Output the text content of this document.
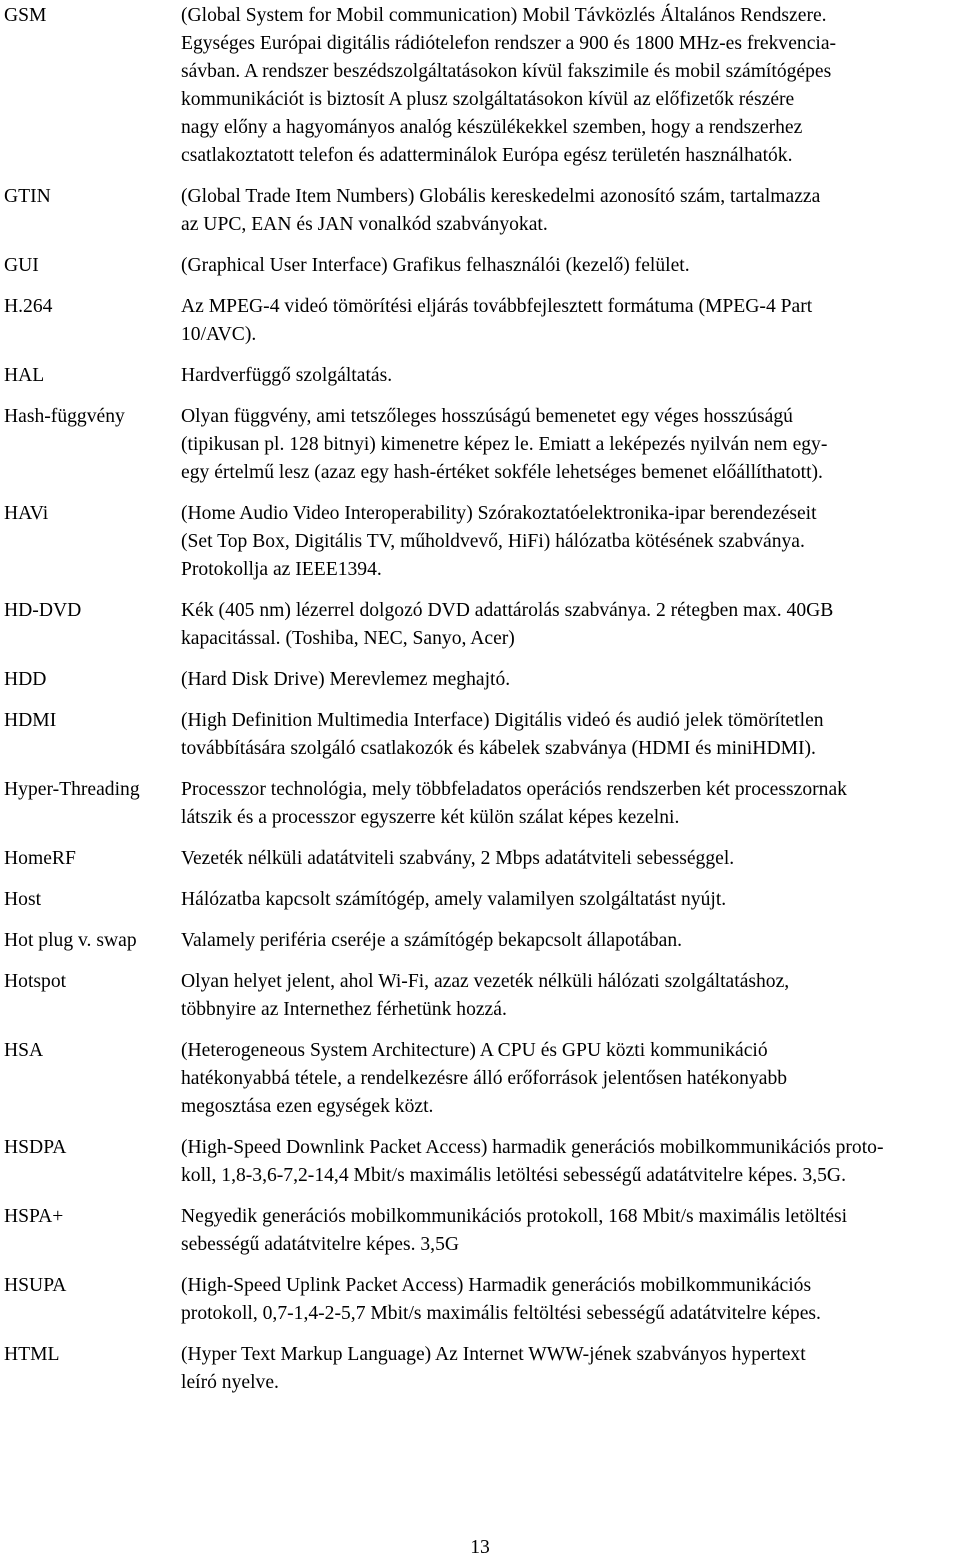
GSM	(Global System for Mobil communication) Mobil Távközlés Általános Rendszere.
Egységes Európai digitális rádiótelefon rendszer a 900 és 1800 MHz-es frekvencia-
sávban. A rendszer beszédszolgáltatásokon kívül fakszimile és mobil számítógépes
kommunikációt is biztosít A plusz szolgáltatásokon kívül az előfizetők részére
nagy előny a hagyományos analóg készülékekkel szemben, hogy a rendszerhez
csatlakoztatott telefon és adatterminálok Európa egész területén használhatók.
GTIN	(Global Trade Item Numbers) Globális kereskedelmi azonosító szám, tartalmazza
az UPC, EAN és JAN vonalkód szabványokat.
GUI	(Graphical User Interface) Grafikus felhasználói (kezelő) felület.
H.264	Az MPEG-4 videó tömörítési eljárás továbbfejlesztett formátuma (MPEG-4 Part
10/AVC).
HAL	Hardverfüggő szolgáltatás.
Hash-függvény	Olyan függvény, ami tetszőleges hosszúságú bemenetet egy véges hosszúságú
(tipikusan pl. 128 bitnyi) kimenetre képez le. Emiatt a leképezés nyilván nem egy-
egy értelmű lesz (azaz egy hash-értéket sokféle lehetséges bemenet előállíthatott).
HAVi	(Home Audio Video Interoperability) Szórakoztatóelektronika-ipar berendezéseit
(Set Top Box, Digitális TV, műholdvevő, HiFi) hálózatba kötésének szabványa.
Protokollja az IEEE1394.
HD-DVD	Kék (405 nm) lézerrel dolgozó DVD adattárolás szabványa. 2 rétegben max. 40GB
kapacitással. (Toshiba, NEC, Sanyo, Acer)
HDD	(Hard Disk Drive) Merevlemez meghajtó.
HDMI	(High Definition Multimedia Interface) Digitális videó és audió jelek tömörítetlen
továbbítására szolgáló csatlakozók és kábelek szabványa (HDMI és miniHDMI).
Hyper-Threading	Processzor technológia, mely többfeladatos operációs rendszerben két processzornak
látszik és a processzor egyszerre két külön szálat képes kezelni.
HomeRF	Vezeték nélküli adatátviteli szabvány, 2 Mbps adatátviteli sebességgel.
Host	Hálózatba kapcsolt számítógép, amely valamilyen szolgáltatást nyújt.
Hot plug v. swap	Valamely periféria cseréje a számítógép bekapcsolt állapotában.
Hotspot	Olyan helyet jelent, ahol Wi-Fi, azaz vezeték nélküli hálózati szolgáltatáshoz,
többnyire az Internethez férhetünk hozzá.
HSA	(Heterogeneous System Architecture) A CPU és GPU közti kommunikáció
hatékonyabbá tétele, a rendelkezésre álló erőforrások jelentősen hatékonyabb
megosztása ezen egységek közt.
HSDPA	(High-Speed Downlink Packet Access) harmadik generációs mobilkommunikációs proto-
koll, 1,8-3,6-7,2-14,4 Mbit/s maximális letöltési sebességű adatátvitelre képes. 3,5G.
HSPA+	Negyedik generációs mobilkommunikációs protokoll, 168 Mbit/s maximális letöltési
sebességű adatátvitelre képes. 3,5G
HSUPA	(High-Speed Uplink Packet Access) Harmadik generációs mobilkommunikációs
protokoll, 0,7-1,4-2-5,7 Mbit/s maximális feltöltési sebességű adatátvitelre képes.
HTML	(Hyper Text Markup Language) Az Internet WWW-jének szabványos hypertext
leíró nyelve.
13
